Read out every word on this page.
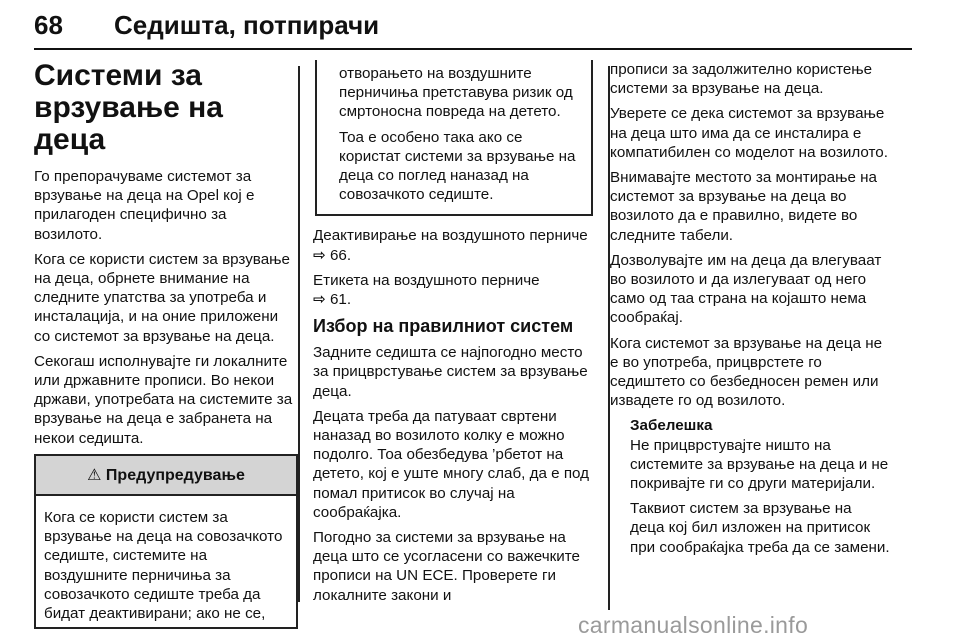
68 Седишта, потпирачи
Системи за врзување на деца

Го препорачуваме системот за врзување на деца на Opel кој е прилагоден специфично за возилото.

Кога се користи систем за врзување на деца, обрнете внимание на следните упатства за употреба и инсталација, и на оние приложени со системот за врзување на деца.

Секогаш исполнувајте ги локалните или државните прописи. Во некои држави, употребата на системите за врзување на деца е забранета на некои седишта.

⚠ Предупредување
Кога се користи систем за врзување на деца на совозачкото седиште, системите на воздушните перничиња за совозачкото седиште треба да бидат деактивирани; ако не се,

отворањето на воздушните перничиња претставува ризик од смртоносна повреда на детето.

Тоа е особено така ако се користат системи за врзување на деца со поглед наназад на совозачкото седиште.

Деактивирање на воздушното перниче ⇨ 66.

Етикета на воздушното перниче
⇨ 61.

Избор на правилниот систем

Задните седишта се најпогодно место за прицврстување систем за врзување деца.

Децата треба да патуваат свртени наназад во возилото колку е можно подолго. Тоа обезбедува ’рбетот на детето, кој е уште многу слаб, да е под помал притисок во случај на сообраќајка.

Погодно за системи за врзување на деца што се усогласени со важечките прописи на UN ECE. Проверете ги локалните закони и

прописи за задолжително користење системи за врзување на деца.

Уверете се дека системот за врзување на деца што има да се инсталира е компатибилен со моделот на возилото.

Внимавајте местото за монтирање на системот за врзување на деца во возилото да е правилно, видете во следните табели.

Дозволувајте им на деца да влегуваат во возилото и да излегуваат од него само од таа страна на којашто нема сообраќај.

Кога системот за врзување на деца не е во употреба, прицврстете го седиштето со безбедносен ремен или извадете го од возилото.

Забелешка

Не прицврстувајте ништо на системите за врзување на деца и не покривајте ги со други материјали.

Таквиот систем за врзување на деца кој бил изложен на притисок при сообраќајка треба да се замени.

carmanualsonline.info
